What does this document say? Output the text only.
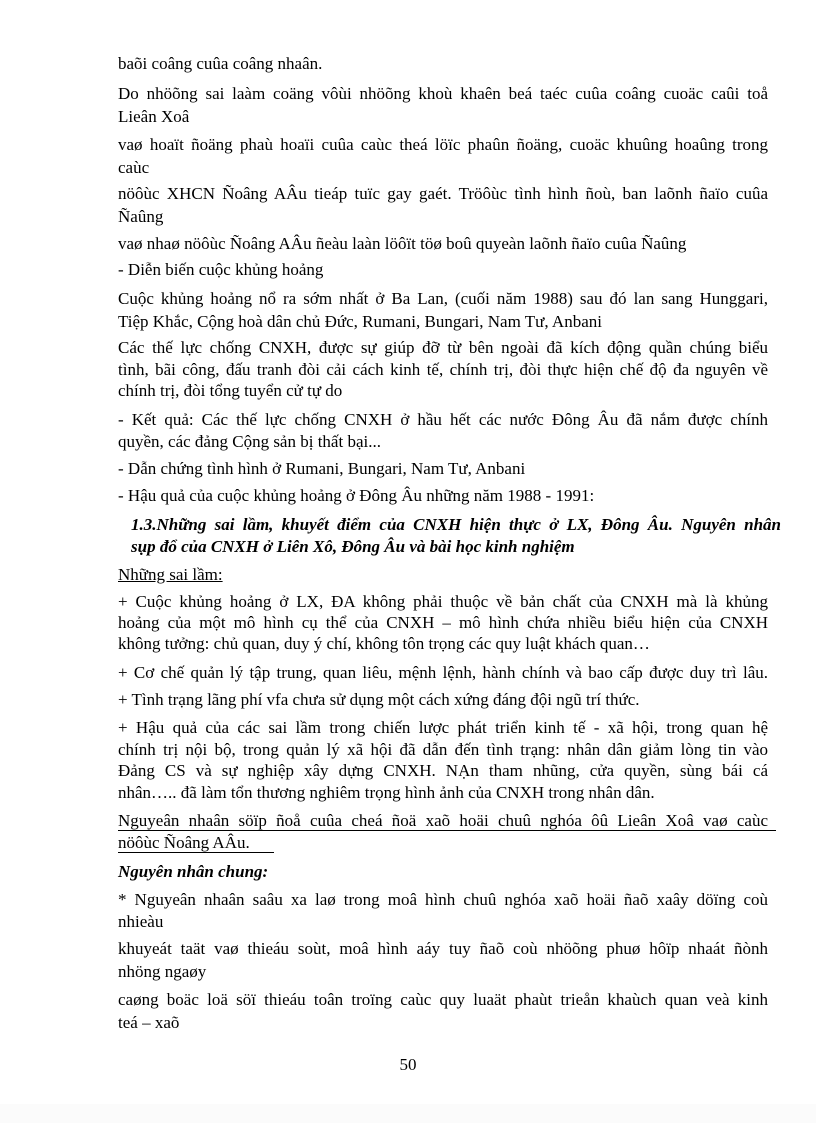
baõi coâng cuûa coâng nhaân.
Do nhöõng sai laàm coäng vôùi nhöõng khoù khaên beá taéc cuûa coâng cuoäc caûi toå
Lieân Xoâ
vaø hoaït ñoäng phaù hoaïi cuûa caùc theá löïc phaûn ñoäng, cuoäc khuûng hoaûng trong
caùc
nöôùc XHCN Ñoâng AÂu tieáp tuïc gay gaét. Tröôùc tình hình ñoù, ban laõnh ñaïo cuûa
Ñaûng
vaø nhaø nöôùc Ñoâng AÂu ñeàu laàn löôït töø boû quyeàn laõnh ñaïo cuûa Ñaûng
- Diễn biến cuộc khủng hoảng
Cuộc khủng hoảng nổ ra sớm nhất ở Ba Lan, (cuối năm 1988) sau đó lan sang Hunggari,
Tiệp Khắc, Cộng hoà dân chủ Đức, Rumani, Bungari, Nam Tư, Anbani
Các thế lực chống CNXH, được sự giúp đỡ từ bên ngoài đã kích động quần chúng biểu
tình, bãi công, đấu tranh đòi cải cách kinh tế, chính trị, đòi thực hiện chế độ đa nguyên về
chính trị, đòi tổng tuyển cử tự do
- Kết quả: Các thế lực chống CNXH ở hầu hết các nước Đông Âu đã nắm được chính
quyền, các đảng Cộng sản bị thất bại...
- Dẫn chứng tình hình ở Rumani, Bungari, Nam Tư, Anbani
- Hậu quả của cuộc khủng hoảng ở Đông Âu những năm 1988 - 1991:
1.3.Những sai lầm, khuyết điểm của CNXH hiện thực ở LX, Đông Âu. Nguyên nhân
sụp đổ của CNXH ở Liên Xô, Đông Âu và bài học kinh nghiệm
Những sai lầm:
+ Cuộc khủng hoảng ở LX, ĐA không phải thuộc về bản chất của CNXH mà là khủng
hoảng của một mô hình cụ thể của CNXH – mô hình chứa nhiều biểu hiện của CNXH
không tưởng: chủ quan, duy ý chí, không tôn trọng các quy luật khách quan…
+ Cơ chế quản lý tập trung, quan liêu, mệnh lệnh, hành chính và bao cấp được duy trì lâu.
+ Tình trạng lãng phí vfa chưa sử dụng một cách xứng đáng đội ngũ trí thức.
+ Hậu quả của các sai lầm trong chiến lược phát triển kinh tế - xã hội, trong quan hệ
chính trị nội bộ, trong quản lý xã hội đã dẫn đến tình trạng: nhân dân giảm lòng tin vào
Đảng CS và sự nghiệp xây dựng CNXH. NẠn tham nhũng, cửa quyền, sùng bái cá
nhân….. đã làm tổn thương nghiêm trọng hình ảnh của CNXH trong nhân dân.
Nguyeân nhaân söïp ñoå cuûa cheá ñoä xaõ hoäi chuû nghóa ôû Lieân Xoâ vaø caùc
nöôùc Ñoâng AÂu.
Nguyên nhân chung:
* Nguyeân nhaân saâu xa laø trong moâ hình chuû nghóa xaõ hoäi ñaõ xaây döïng coù
nhieàu
khuyeát taät vaø thieáu soùt, moâ hình aáy tuy ñaõ coù nhöõng phuø hôïp nhaát ñònh
nhöng ngaøy
caøng boäc loä söï thieáu toân troïng caùc quy luaät phaùt trieån khaùch quan veà kinh
teá – xaõ
50
